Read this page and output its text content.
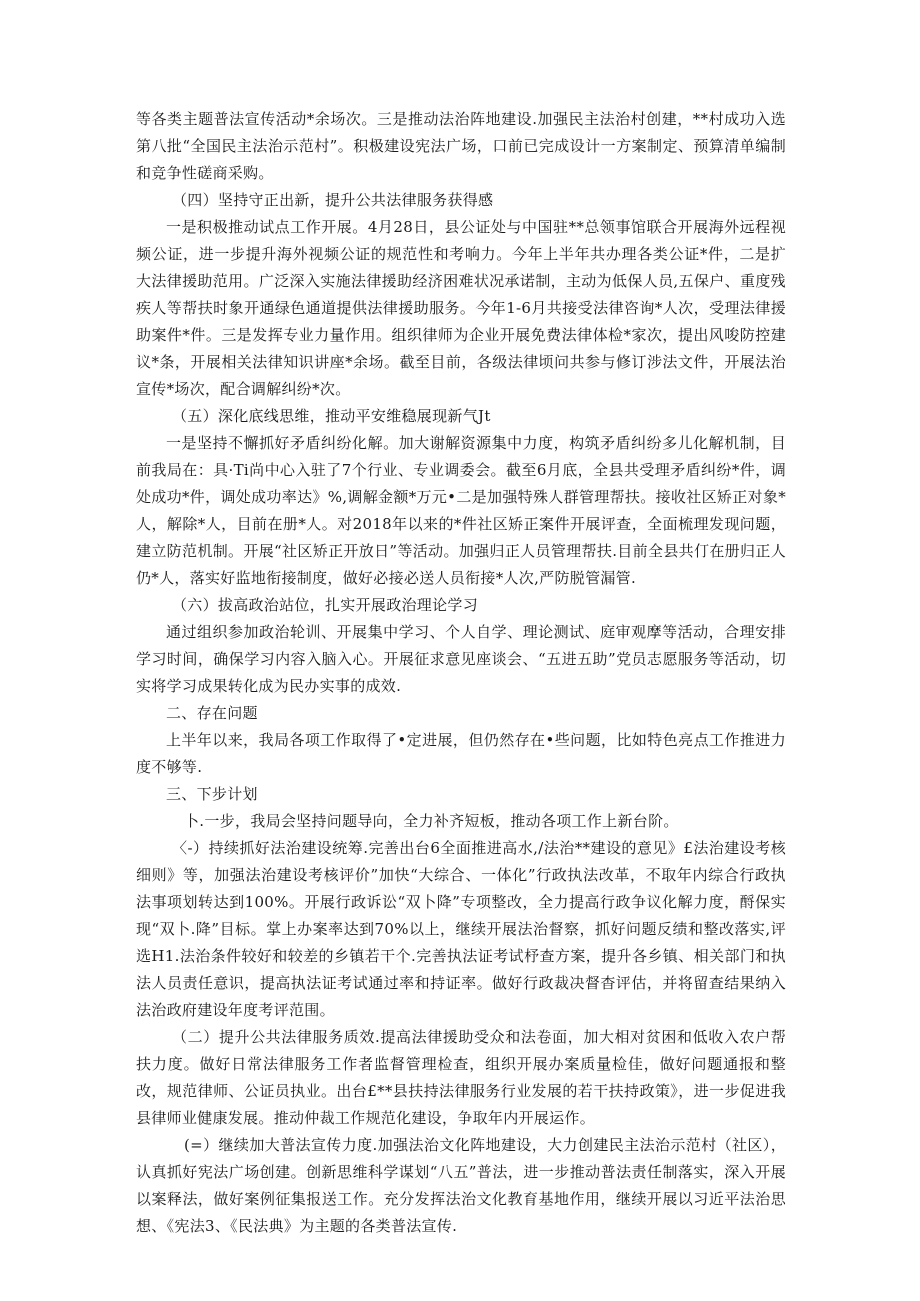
等各类主题普法宣传活动*余场次。三是推动法治阵地建设.加强民主法治村创建，**村成功入选第八批“全国民主法治示范村”。积极建设宪法广场，口前已完成设计一方案制定、预算清单编制和竞争性磋商采购。

（四）坚持守正出新，提升公共法律服务获得感

一是积极推动试点工作开展。4月28日，县公证处与中国驻**总领事馆联合开展海外远程视频公证，进一步提升海外视频公证的规范性和考响力。今年上半年共办理各类公证*件，二是扩大法律援助范用。广泛深入实施法律援助经济困难状况承诺制，主动为低保人员,五保户、重度残疾人等帮扶时象开通绿色通道提供法律援助服务。今年1-6月共接受法律咨询*人次，受理法律援助案件*件。三是发挥专业力量作用。组织律师为企业开展免费法律体检*家次，提出风唆防控建议*条，开展相关法律知识讲座*余场。截至目前，各级法律顷问共参与修订涉法文件，开展法治宣传*场次，配合调解纠纷*次。

（五）深化底线思维，推动平安维稳展现新气Jt

一是坚持不懈抓好矛盾纠纷化解。加大谢解资源集中力度，构筑矛盾纠纷多儿化解机制，目前我局在：具·Ti尚中心入驻了7个行业、专业调委会。截至6月底，全县共受理矛盾纠纷*件，调处成功*件，调处成功率达》%,调解金额*万元•二是加强特殊人群管理帮扶。接收社区矫正对象*人，解除*人，目前在册*人。对2018年以来的*件社区矫正案件开展评查，全面梳理发现问题，建立防范机制。开展“社区矫正开放日”等活动。加强归正人员管理帮扶.目前全县共仃在册归正人仍*人，落实好监地衔接制度，做好必接必送人员衔接*人次,严防脱管漏管.

（六）拔高政治站位，扎实开展政治理论学习

通过组织参加政治轮训、开展集中学习、个人自学、理论测试、庭审观摩等活动，合理安排学习时间，确保学习内容入脑入心。开展征求意见座谈会、“五进五助”党员志愿服务等活动，切实将学习成果转化成为民办实事的成效.

二、存在问题

上半年以来，我局各项工作取得了•定进展，但仍然存在•些问题，比如特色亮点工作推进力度不够等.

三、下步计划

卜.一步，我局会坚持问题导向，全力补齐短板，推动各项工作上新台阶。

〈-）持续抓好法治建设统筹.完善出台6全面推进高水,/法治**建设的意见》£法治建设考核细则》等，加强法治建设考核评价”加快“大综合、一体化”行政执法改革，不取年内综合行政执法事项划转达到100%。开展行政诉讼“双卜降”专项整改，全力提高行政争议化解力度，酹保实现“双卜.降”目标。掌上办案率达到70%以上，继续开展法治督察，抓好问题反绩和整改落实,评选H1.法治条件较好和较差的乡镇若干个.完善执法证考试杼查方案，提升各乡镇、相关部门和执法人员责任意识，提高执法证考试通过率和持证率。做好行政裁决督杳评估，并将留查结果纳入法治政府建设年度考评范围。

（二）提升公共法律服务质效.提高法律援助受众和法卷面，加大相对贫困和低收入农户帮扶力度。做好日常法律服务工作者监督管理检查，组织开展办案质量检佳，做好问题通报和整改，规范律师、公证员执业。出台£**县扶持法律服务行业发展的若干扶持政策》，进一步促进我县律师业健康发展。推动仲裁工作规范化建设，争取年内开展运作。

(=）继续加大普法宣传力度.加强法治文化阵地建设，大力创建民主法治示范村（社区），认真抓好宪法广场创建。创新思维科学谋划“八五”普法，进一步推动普法责任制落实，深入开展以案释法，做好案例征集报送工作。充分发挥法治文化教育基地作用，继续开展以习近平法治思想、《宪法3、《民法典》为主题的各类普法宣传.
